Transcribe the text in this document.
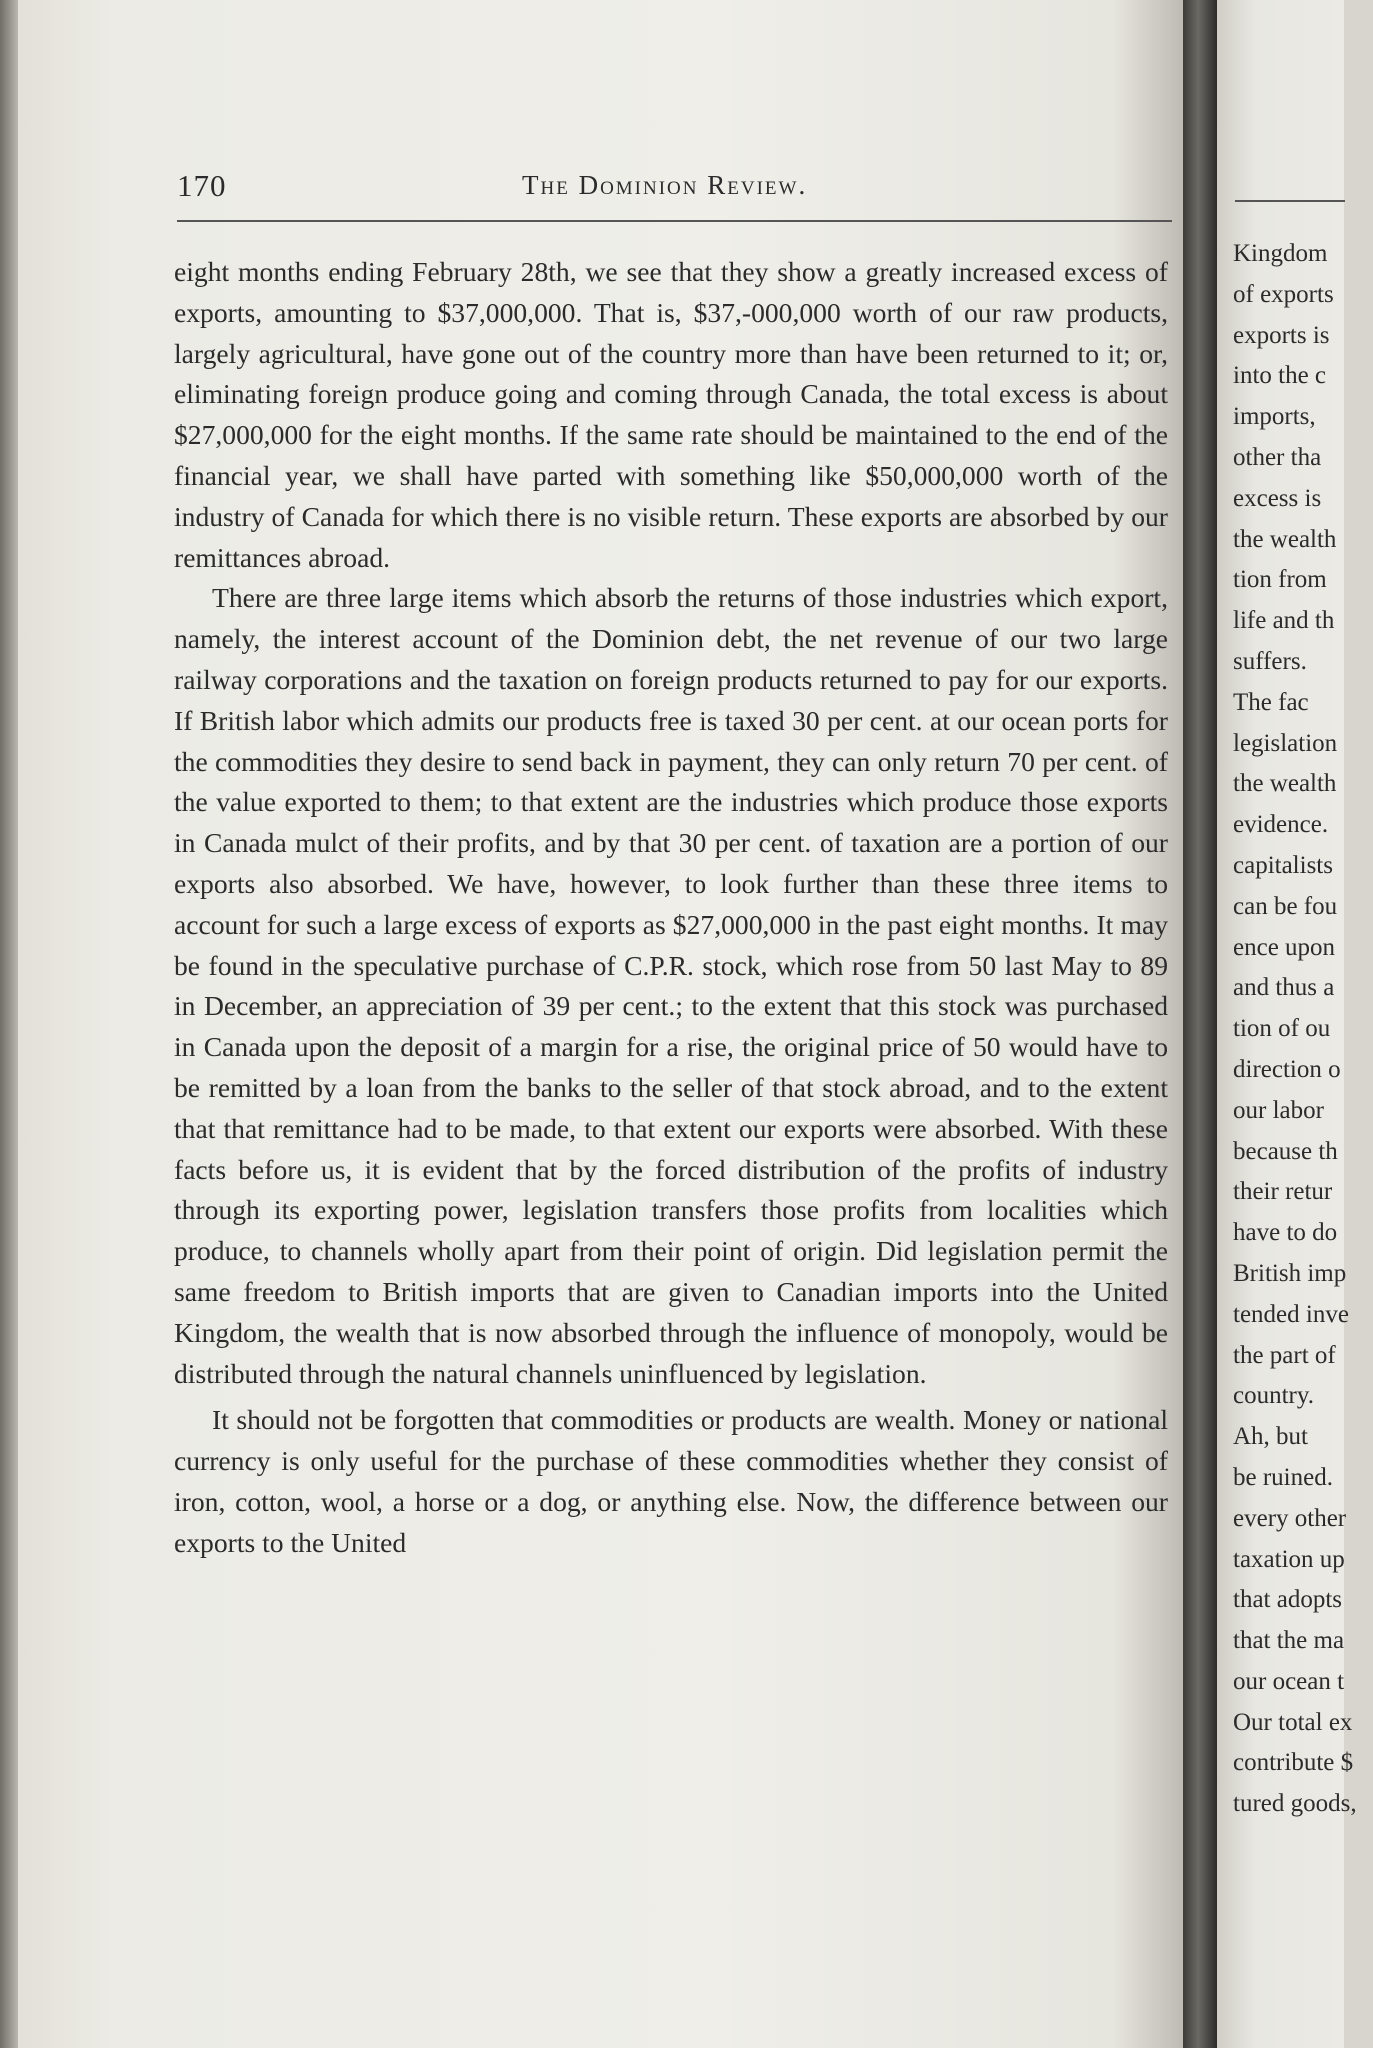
170	The Dominion Review.

eight months ending February 28th, we see that they show a greatly increased excess of exports, amounting to $37,000,000. That is, $37,-000,000 worth of our raw products, largely agricultural, have gone out of the country more than have been returned to it; or, eliminating foreign produce going and coming through Canada, the total excess is about $27,000,000 for the eight months. If the same rate should be maintained to the end of the financial year, we shall have parted with something like $50,000,000 worth of the industry of Canada for which there is no visible return. These exports are absorbed by our remittances abroad.

There are three large items which absorb the returns of those industries which export, namely, the interest account of the Dominion debt, the net revenue of our two large railway corporations and the taxation on foreign products returned to pay for our exports. If British labor which admits our products free is taxed 30 per cent. at our ocean ports for the commodities they desire to send back in payment, they can only return 70 per cent. of the value exported to them; to that extent are the industries which produce those exports in Canada mulct of their profits, and by that 30 per cent. of taxation are a portion of our exports also absorbed. We have, however, to look further than these three items to account for such a large excess of exports as $27,000,000 in the past eight months. It may be found in the speculative purchase of C.P.R. stock, which rose from 50 last May to 89 in December, an appreciation of 39 per cent.; to the extent that this stock was purchased in Canada upon the deposit of a margin for a rise, the original price of 50 would have to be remitted by a loan from the banks to the seller of that stock abroad, and to the extent that that remittance had to be made, to that extent our exports were absorbed. With these facts before us, it is evident that by the forced distribution of the profits of industry through its exporting power, legislation transfers those profits from localities which produce, to channels wholly apart from their point of origin. Did legislation permit the same freedom to British imports that are given to Canadian imports into the United Kingdom, the wealth that is now absorbed through the influence of monopoly, would be distributed through the natural channels uninfluenced by legislation.

It should not be forgotten that commodities or products are wealth. Money or national currency is only useful for the purchase of these commodities whether they consist of iron, cotton, wool, a horse or a dog, or anything else. Now, the difference between our exports to the United

Kingdom
of exports
exports is
into the c
imports,
other tha
excess is
the wealth
tion from
life and th
suffers.
The fac
legislation
the wealth
evidence.
capitalists
can be fou
ence upon
and thus a
tion of ou
direction o
our labor
because th
their retur
have to do
British imp
tended inve
the part of
country.
Ah, but
be ruined.
every other
taxation up
that adopts
that the ma
our ocean t
Our total ex
contribute $
tured goods,
